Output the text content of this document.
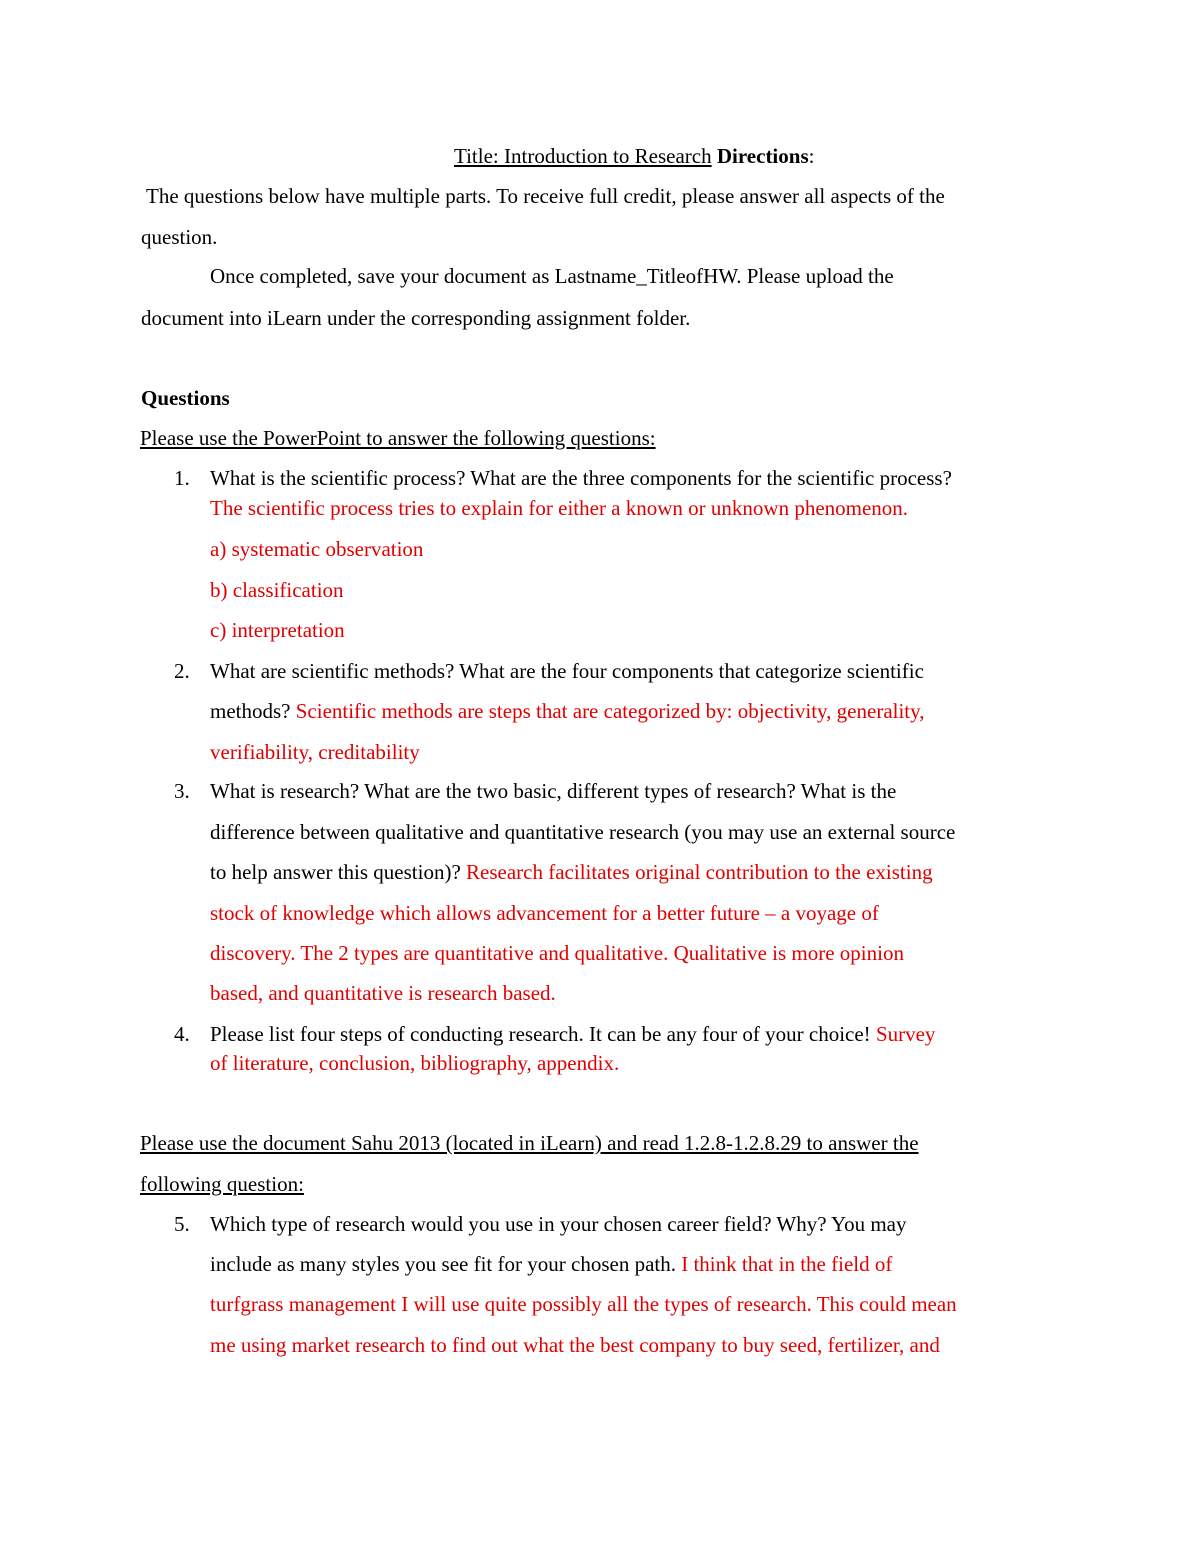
Title: Introduction to Research Directions:
The questions below have multiple parts. To receive full credit, please answer all aspects of the
question.
Once completed, save your document as Lastname_TitleofHW. Please upload the
document into iLearn under the corresponding assignment folder.
Questions
Please use the PowerPoint to answer the following questions:
1. What is the scientific process? What are the three components for the scientific process?
The scientific process tries to explain for either a known or unknown phenomenon.
a) systematic observation
b) classification
c) interpretation
2. What are scientific methods? What are the four components that categorize scientific
methods? Scientific methods are steps that are categorized by: objectivity, generality,
verifiability, creditability
3. What is research? What are the two basic, different types of research? What is the
difference between qualitative and quantitative research (you may use an external source
to help answer this question)? Research facilitates original contribution to the existing
stock of knowledge which allows advancement for a better future – a voyage of
discovery. The 2 types are quantitative and qualitative. Qualitative is more opinion
based, and quantitative is research based.
4. Please list four steps of conducting research. It can be any four of your choice! Survey
of literature, conclusion, bibliography, appendix.
Please use the document Sahu 2013 (located in iLearn) and read 1.2.8-1.2.8.29 to answer the
following question:
5. Which type of research would you use in your chosen career field? Why? You may
include as many styles you see fit for your chosen path. I think that in the field of
turfgrass management I will use quite possibly all the types of research. This could mean
me using market research to find out what the best company to buy seed, fertilizer, and
